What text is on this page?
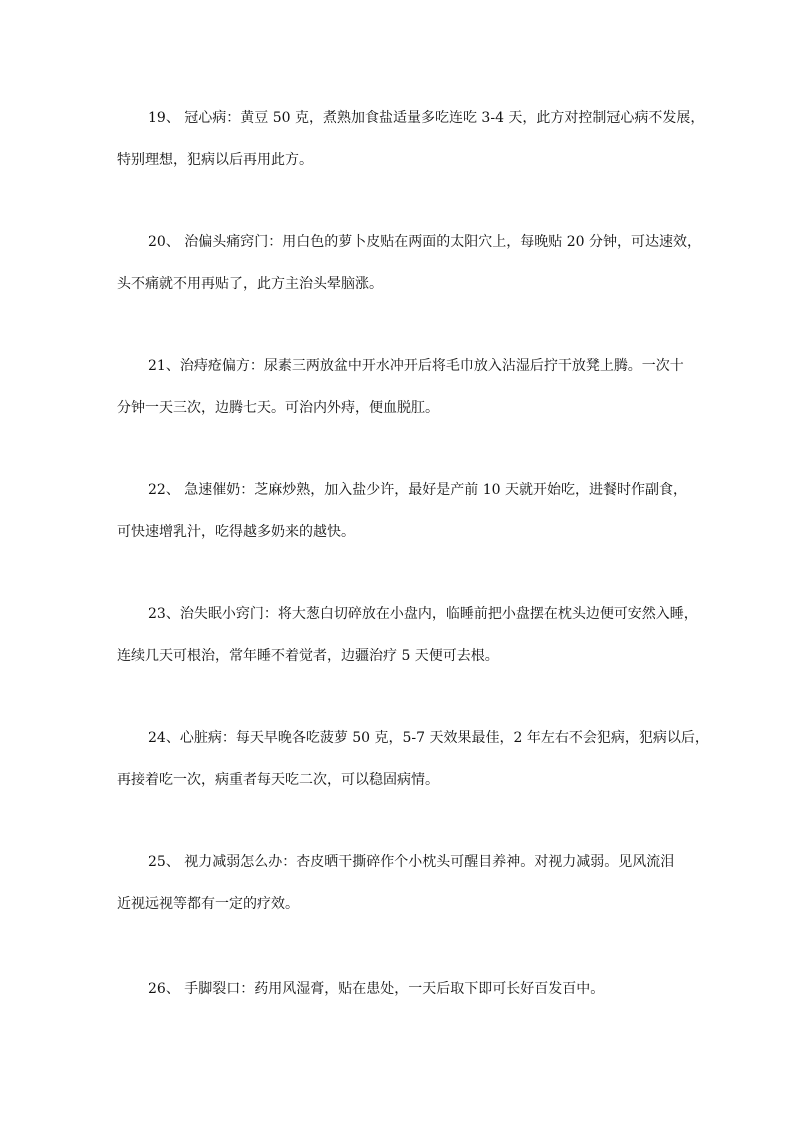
19、 冠心病：黄豆 50 克，煮熟加食盐适量多吃连吃 3-4 天，此方对控制冠心病不发展，
特别理想，犯病以后再用此方。
20、 治偏头痛窍门：用白色的萝卜皮贴在两面的太阳穴上，每晚贴 20 分钟，可达速效，
头不痛就不用再贴了，此方主治头晕脑涨。
21、治痔疮偏方：尿素三两放盆中开水冲开后将毛巾放入沾湿后拧干放凳上腾。一次十
分钟一天三次，边腾七天。可治内外痔，便血脱肛。
22、 急速催奶：芝麻炒熟，加入盐少许，最好是产前 10 天就开始吃，进餐时作副食，
可快速增乳汁，吃得越多奶来的越快。
23、治失眠小窍门：将大葱白切碎放在小盘内，临睡前把小盘摆在枕头边便可安然入睡，
连续几天可根治，常年睡不着觉者，边疆治疗 5 天便可去根。
24、心脏病：每天早晚各吃菠萝 50 克，5-7 天效果最佳，2 年左右不会犯病，犯病以后，
再接着吃一次，病重者每天吃二次，可以稳固病情。
25、 视力减弱怎么办：杏皮晒干撕碎作个小枕头可醒目养神。对视力减弱。见风流泪
近视远视等都有一定的疗效。
26、 手脚裂口：药用风湿膏，贴在患处，一天后取下即可长好百发百中。
